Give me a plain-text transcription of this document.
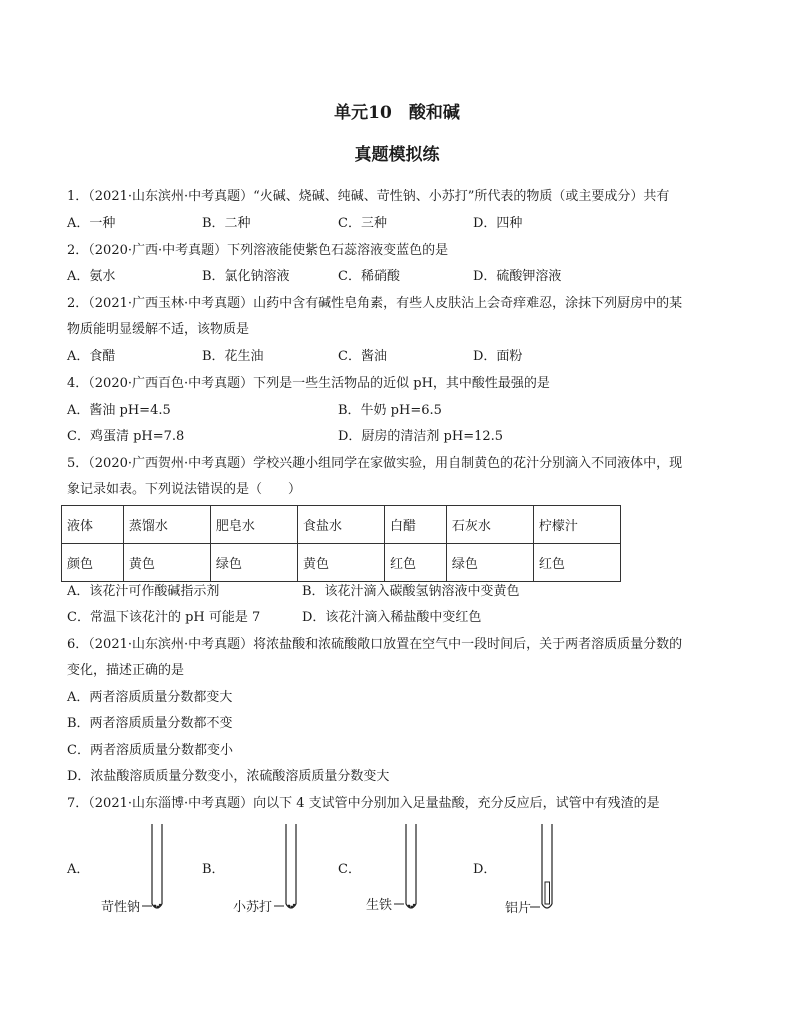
单元10　酸和碱
真题模拟练
1．（2021·山东滨州·中考真题）“火碱、烧碱、纯碱、苛性钠、小苏打”所代表的物质（或主要成分）共有
A．一种	B．二种	C．三种	D．四种
2．（2020·广西·中考真题）下列溶液能使紫色石蕊溶液变蓝色的是
A．氨水	B．氯化钠溶液	C．稀硝酸	D．硫酸钾溶液
2．（2021·广西玉林·中考真题）山药中含有碱性皂角素，有些人皮肤沾上会奇痒难忍，涂抹下列厨房中的某
物质能明显缓解不适，该物质是
A．食醋	B．花生油	C．酱油	D．面粉
4．（2020·广西百色·中考真题）下列是一些生活物品的近似 pH，其中酸性最强的是
A．酱油 pH=4.5	B．牛奶 pH=6.5
C．鸡蛋清 pH=7.8	D．厨房的清洁剂 pH=12.5
5．（2020·广西贺州·中考真题）学校兴趣小组同学在家做实验，用自制黄色的花汁分别滴入不同液体中，现
象记录如表。下列说法错误的是（　　）
液体	蒸馏水	肥皂水	食盐水	白醋	石灰水	柠檬汁
颜色	黄色	绿色	黄色	红色	绿色	红色
A．该花汁可作酸碱指示剂	B．该花汁滴入碳酸氢钠溶液中变黄色
C．常温下该花汁的 pH 可能是 7	D．该花汁滴入稀盐酸中变红色
6．（2021·山东滨州·中考真题）将浓盐酸和浓硫酸敞口放置在空气中一段时间后，关于两者溶质质量分数的
变化，描述正确的是
A．两者溶质质量分数都变大
B．两者溶质质量分数都不变
C．两者溶质质量分数都变小
D．浓盐酸溶质质量分数变小，浓硫酸溶质质量分数变大
7．（2021·山东淄博·中考真题）向以下 4 支试管中分别加入足量盐酸，充分反应后，试管中有残渣的是
A．	B．	C．	D．
苛性钠	小苏打	生铁	铝片
